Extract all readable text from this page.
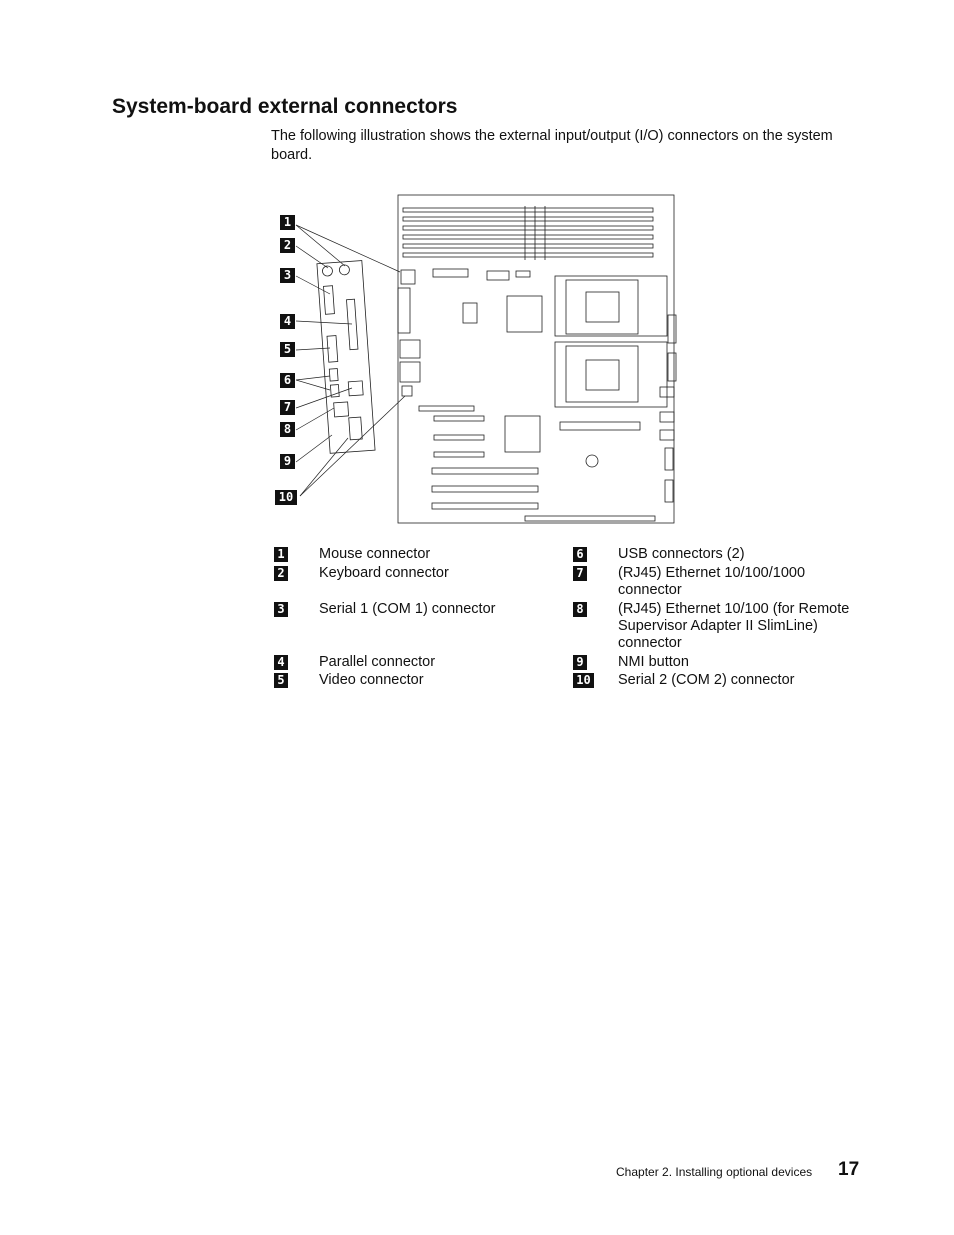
System-board external connectors

The following illustration shows the external input/output (I/O) connectors on the system board.

1
2
3
4
5
6
7
8
9
10
1 Mouse connector
2 Keyboard connector
3 Serial 1 (COM 1) connector
4 Parallel connector
5 Video connector
6 USB connectors (2)
7 (RJ45) Ethernet 10/100/1000 connector
8 (RJ45) Ethernet 10/100 (for Remote Supervisor Adapter II SlimLine) connector
9 NMI button
10 Serial 2 (COM 2) connector
Chapter 2. Installing optional devices 17
